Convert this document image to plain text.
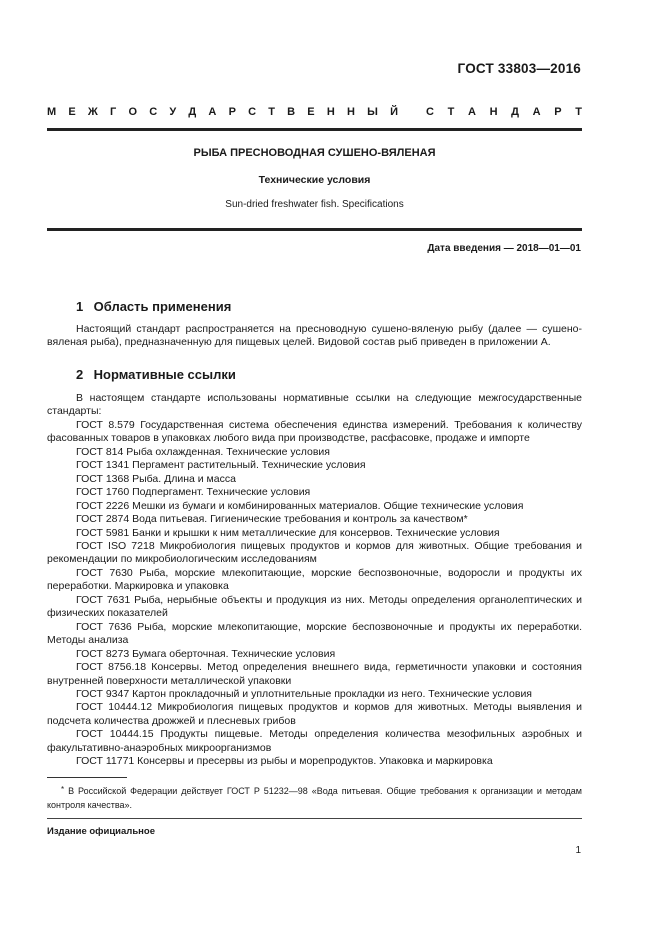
ГОСТ 33803—2016
М Е Ж Г О С У Д А Р С Т В Е Н Н Ы Й	С Т А Н Д А Р Т
РЫБА ПРЕСНОВОДНАЯ СУШЕНО-ВЯЛЕНАЯ
Технические условия
Sun-dried freshwater fish. Specifications
Дата введения — 2018—01—01
1 Область применения

Настоящий стандарт распространяется на пресноводную сушено-вяленую рыбу (далее — сушено-вяленая рыба), предназначенную для пищевых целей. Видовой состав рыб приведен в приложении А.

2 Нормативные ссылки

В настоящем стандарте использованы нормативные ссылки на следующие межгосударственные стандарты:

ГОСТ 8.579 Государственная система обеспечения единства измерений. Требования к количеству фасованных товаров в упаковках любого вида при производстве, расфасовке, продаже и импорте

ГОСТ 814 Рыба охлажденная. Технические условия

ГОСТ 1341 Пергамент растительный. Технические условия

ГОСТ 1368 Рыба. Длина и масса

ГОСТ 1760 Подпергамент. Технические условия

ГОСТ 2226 Мешки из бумаги и комбинированных материалов. Общие технические условия

ГОСТ 2874 Вода питьевая. Гигиенические требования и контроль за качеством*

ГОСТ 5981 Банки и крышки к ним металлические для консервов. Технические условия

ГОСТ ISO 7218 Микробиология пищевых продуктов и кормов для животных. Общие требования и рекомендации по микробиологическим исследованиям

ГОСТ 7630 Рыба, морские млекопитающие, морские беспозвоночные, водоросли и продукты их переработки. Маркировка и упаковка

ГОСТ 7631 Рыба, нерыбные объекты и продукция из них. Методы определения органолептических и физических показателей

ГОСТ 7636 Рыба, морские млекопитающие, морские беспозвоночные и продукты их переработки. Методы анализа

ГОСТ 8273 Бумага оберточная. Технические условия

ГОСТ 8756.18 Консервы. Метод определения внешнего вида, герметичности упаковки и состояния внутренней поверхности металлической упаковки

ГОСТ 9347 Картон прокладочный и уплотнительные прокладки из него. Технические условия

ГОСТ 10444.12 Микробиология пищевых продуктов и кормов для животных. Методы выявления и подсчета количества дрожжей и плесневых грибов

ГОСТ 10444.15 Продукты пищевые. Методы определения количества мезофильных аэробных и факультативно-анаэробных микроорганизмов

ГОСТ 11771 Консервы и пресервы из рыбы и морепродуктов. Упаковка и маркировка

* В Российской Федерации действует ГОСТ Р 51232—98 «Вода питьевая. Общие требования к организации и методам контроля качества».

Издание официальное
1
